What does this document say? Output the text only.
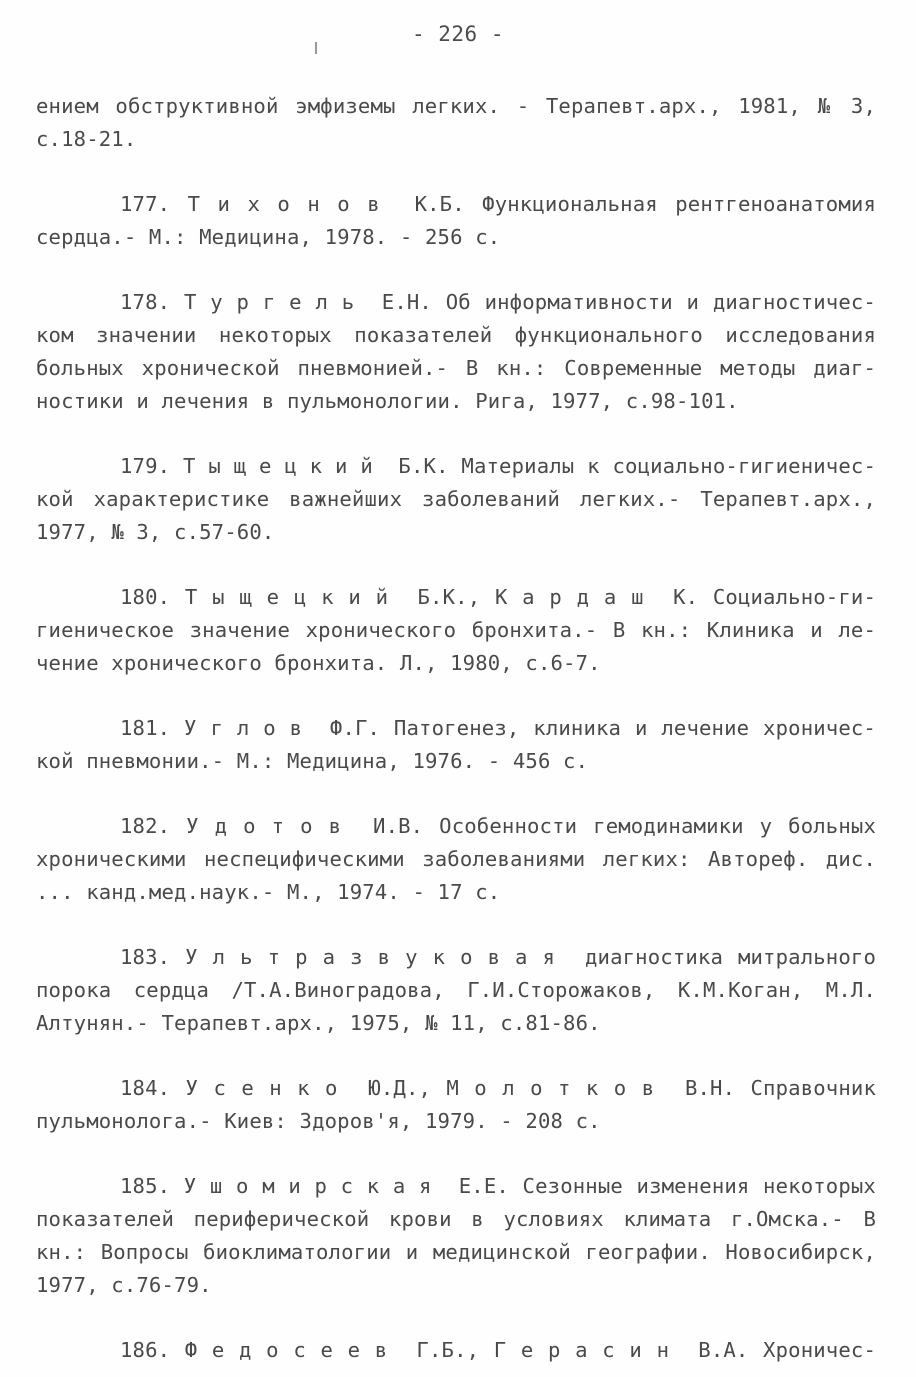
- 226 -
ением обструктивной эмфиземы легких. - Терапевт.арх., 1981, № 3,
с.18-21.
177. Т и х о н о в  К.Б. Функциональная рентгеноанатомия
сердца.- М.: Медицина, 1978. - 256 с.
178. Т у р г е л ь  Е.Н. Об информативности и диагностичес-
ком значении некоторых показателей функционального исследования
больных хронической пневмонией.- В кн.: Современные методы диаг-
ностики и лечения в пульмонологии. Рига, 1977, с.98-101.
179. Т ы щ е ц к и й  Б.К. Материалы к социально-гигиеничес-
кой характеристике важнейших заболеваний легких.- Терапевт.арх.,
1977, № 3, с.57-60.
180. Т ы щ е ц к и й  Б.К., К а р д а ш  К. Социально-ги-
гиеническое значение хронического бронхита.- В кн.: Клиника и ле-
чение хронического бронхита. Л., 1980, с.6-7.
181. У г л о в  Ф.Г. Патогенез, клиника и лечение хроничес-
кой пневмонии.- М.: Медицина, 1976. - 456 с.
182. У д о т о в  И.В. Особенности гемодинамики у больных
хроническими неспецифическими заболеваниями легких: Автореф. дис.
... канд.мед.наук.- М., 1974. - 17 с.
183. У л ь т р а з в у к о в а я  диагностика митрального
порока сердца /Т.А.Виноградова, Г.И.Сторожаков, К.М.Коган, М.Л.
Алтунян.- Терапевт.арх., 1975, № 11, с.81-86.
184. У с е н к о  Ю.Д., М о л о т к о в  В.Н. Справочник
пульмонолога.- Киев: Здоров'я, 1979. - 208 с.
185. У ш о м и р с к а я  Е.Е. Сезонные изменения некоторых
показателей периферической крови в условиях климата г.Омска.- В
кн.: Вопросы биоклиматологии и медицинской географии. Новосибирск,
1977, с.76-79.
186. Ф е д о с е е в  Г.Б., Г е р а с и н  В.А. Хроничес-
